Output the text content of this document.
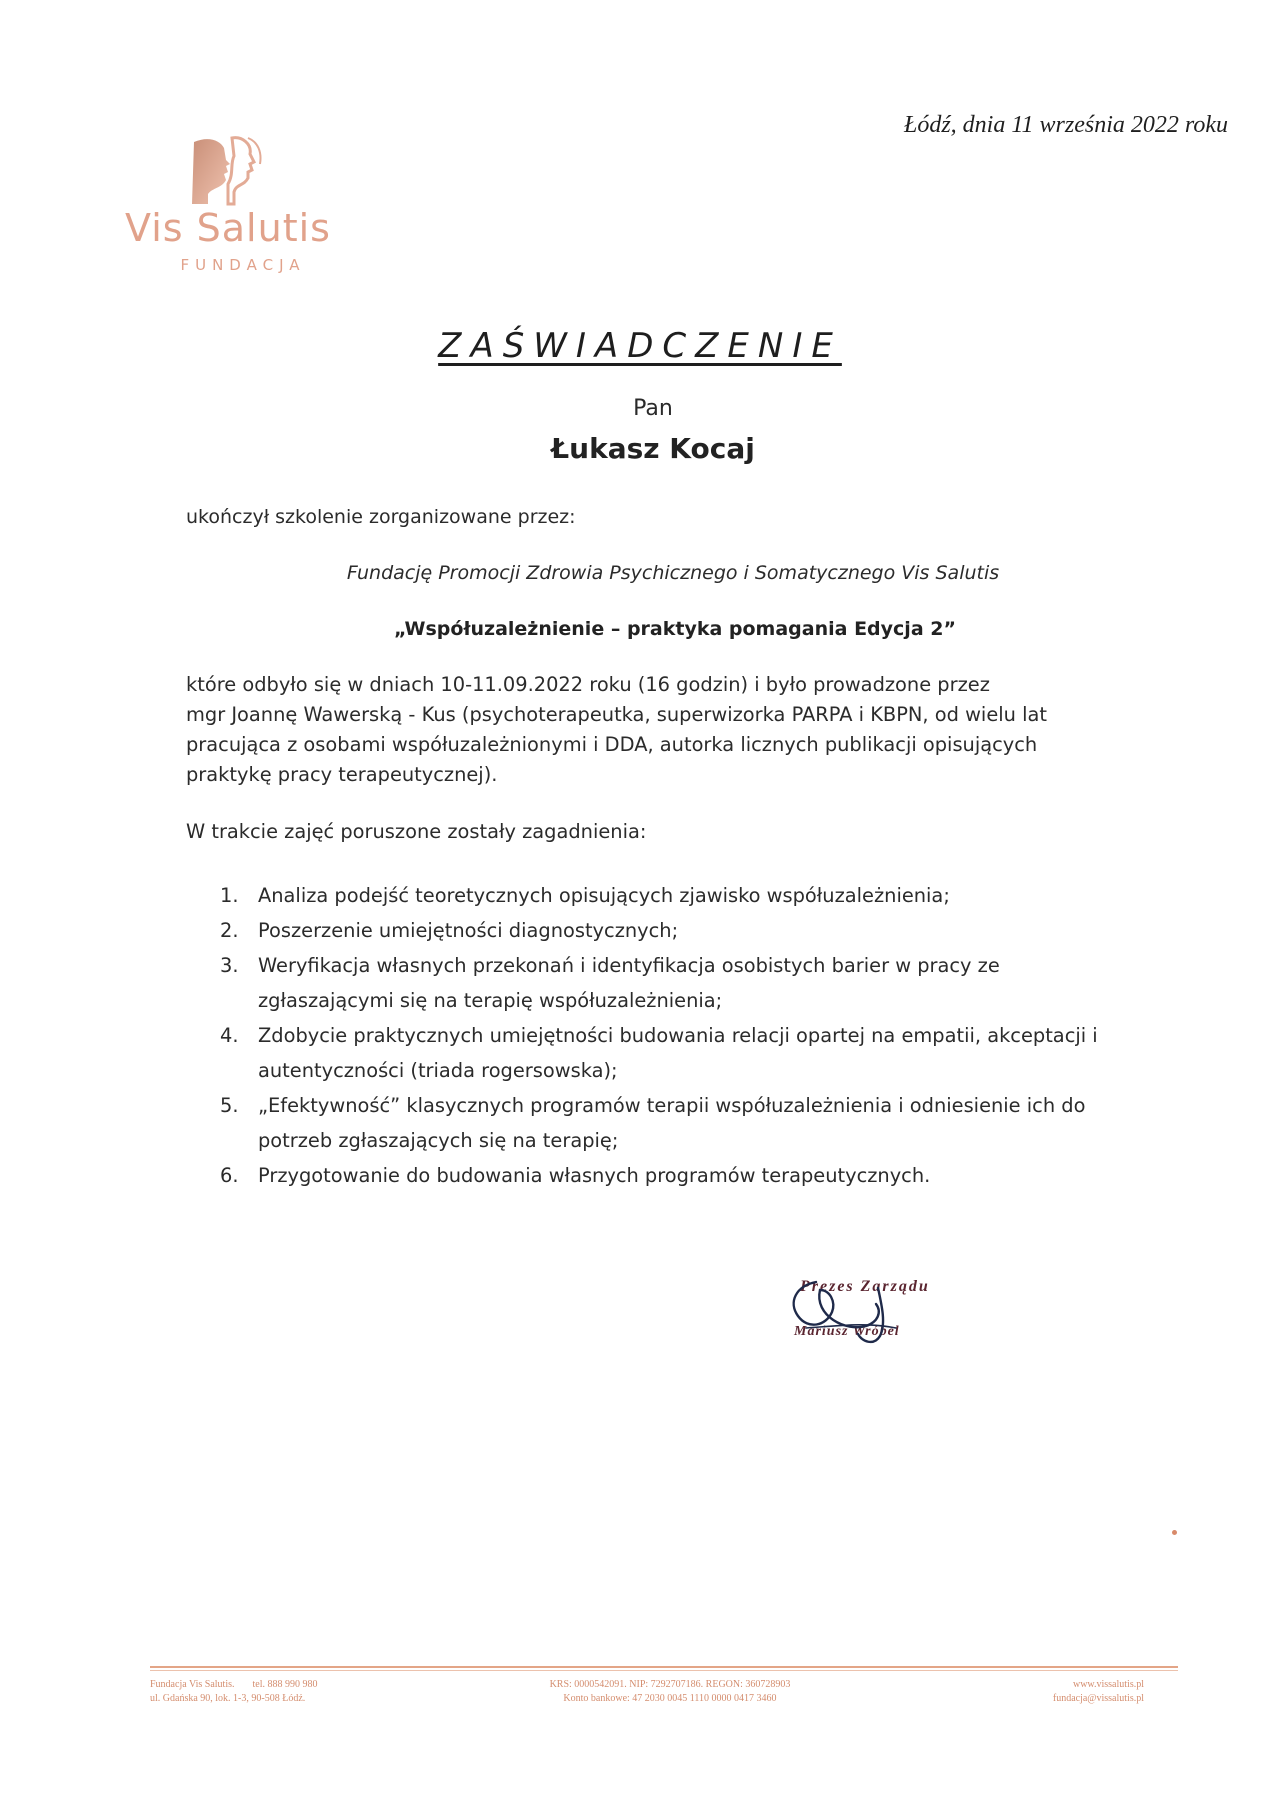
Łódź, dnia 11 września 2022 roku
Vis Salutis
FUNDACJA
ZAŚWIADCZENIE
Pan
Łukasz Kocaj
ukończył szkolenie zorganizowane przez:
Fundację Promocji Zdrowia Psychicznego i Somatycznego Vis Salutis
„Współuzależnienie – praktyka pomagania Edycja 2”
które odbyło się w dniach 10-11.09.2022 roku (16 godzin) i było prowadzone przez
mgr Joannę Wawerską - Kus (psychoterapeutka, superwizorka PARPA i KBPN, od wielu lat
pracująca z osobami współuzależnionymi i DDA, autorka licznych publikacji opisujących
praktykę pracy terapeutycznej).
W trakcie zajęć poruszone zostały zagadnienia:
1. Analiza podejść teoretycznych opisujących zjawisko współuzależnienia;
2. Poszerzenie umiejętności diagnostycznych;
3. Weryfikacja własnych przekonań i identyfikacja osobistych barier w pracy ze
zgłaszającymi się na terapię współuzależnienia;
4. Zdobycie praktycznych umiejętności budowania relacji opartej na empatii, akceptacji i
autentyczności (triada rogersowska);
5. „Efektywność” klasycznych programów terapii współuzależnienia i odniesienie ich do
potrzeb zgłaszających się na terapię;
6. Przygotowanie do budowania własnych programów terapeutycznych.
Prezes Zarządu
Mariusz Wróbel
Fundacja Vis Salutis. tel. 888 990 980
ul. Gdańska 90, lok. 1-3, 90-508 Łódź.
KRS: 0000542091. NIP: 7292707186. REGON: 360728903
Konto bankowe: 47 2030 0045 1110 0000 0417 3460
www.vissalutis.pl
fundacja@vissalutis.pl
